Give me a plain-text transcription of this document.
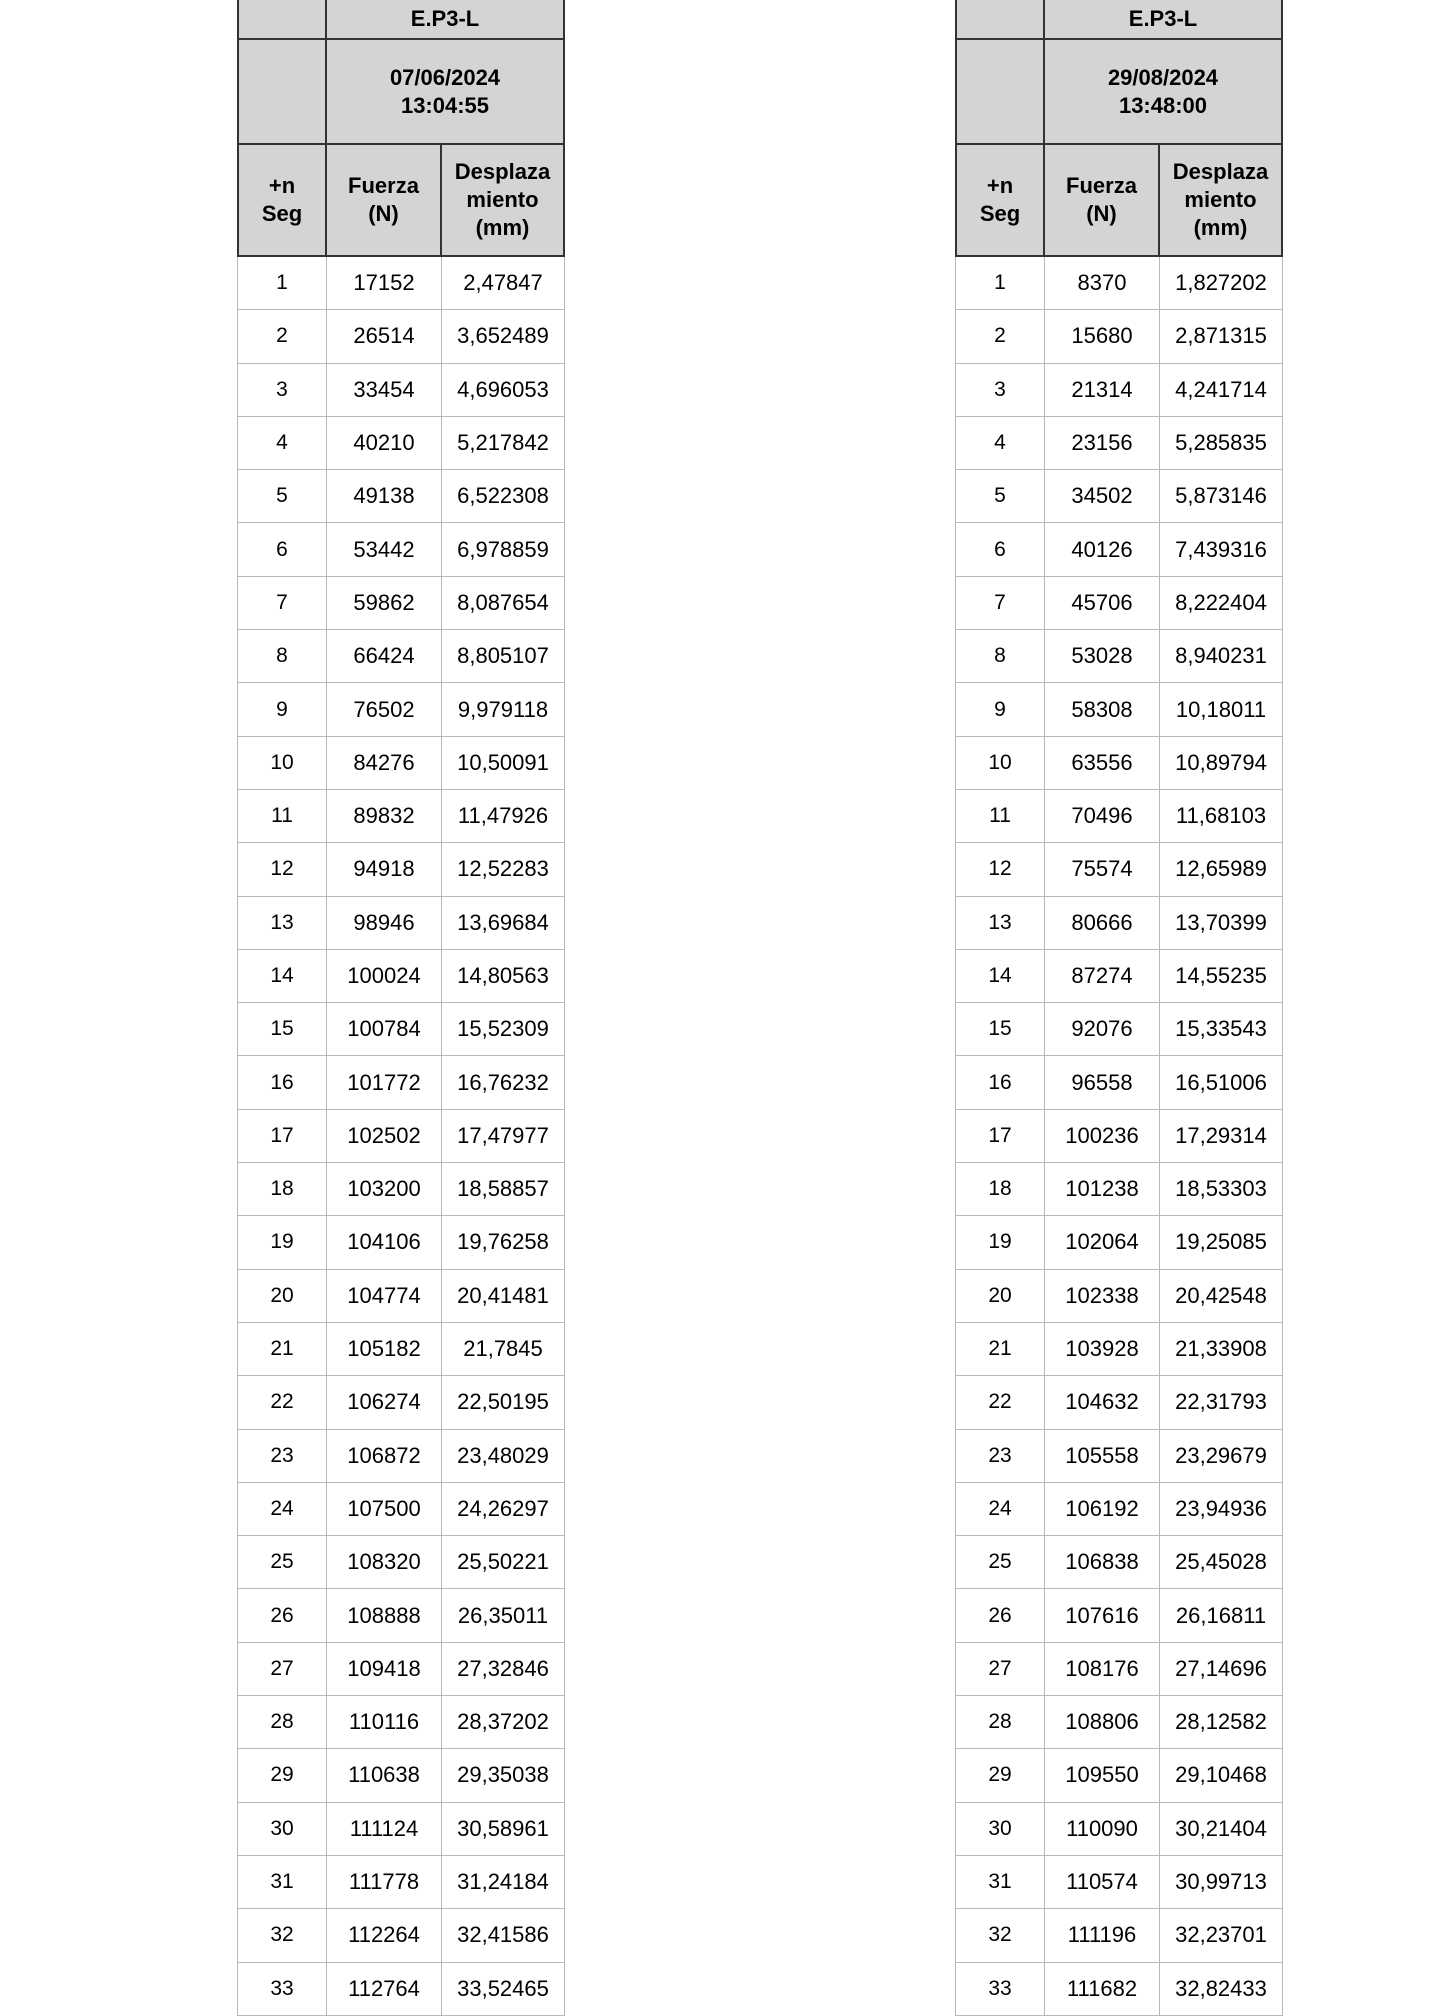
E.P3-L
07/06/2024
13:04:55
+n
Seg
Fuerza
(N)
Desplaza
miento
(mm)
1	17152	2,47847
2	26514	3,652489
3	33454	4,696053
4	40210	5,217842
5	49138	6,522308
6	53442	6,978859
7	59862	8,087654
8	66424	8,805107
9	76502	9,979118
10	84276	10,50091
11	89832	11,47926
12	94918	12,52283
13	98946	13,69684
14	100024	14,80563
15	100784	15,52309
16	101772	16,76232
17	102502	17,47977
18	103200	18,58857
19	104106	19,76258
20	104774	20,41481
21	105182	21,7845
22	106274	22,50195
23	106872	23,48029
24	107500	24,26297
25	108320	25,50221
26	108888	26,35011
27	109418	27,32846
28	110116	28,37202
29	110638	29,35038
30	111124	30,58961
31	111778	31,24184
32	112264	32,41586
33	112764	33,52465
E.P3-L
29/08/2024
13:48:00
+n
Seg
Fuerza
(N)
Desplaza
miento
(mm)
1	8370	1,827202
2	15680	2,871315
3	21314	4,241714
4	23156	5,285835
5	34502	5,873146
6	40126	7,439316
7	45706	8,222404
8	53028	8,940231
9	58308	10,18011
10	63556	10,89794
11	70496	11,68103
12	75574	12,65989
13	80666	13,70399
14	87274	14,55235
15	92076	15,33543
16	96558	16,51006
17	100236	17,29314
18	101238	18,53303
19	102064	19,25085
20	102338	20,42548
21	103928	21,33908
22	104632	22,31793
23	105558	23,29679
24	106192	23,94936
25	106838	25,45028
26	107616	26,16811
27	108176	27,14696
28	108806	28,12582
29	109550	29,10468
30	110090	30,21404
31	110574	30,99713
32	111196	32,23701
33	111682	32,82433
